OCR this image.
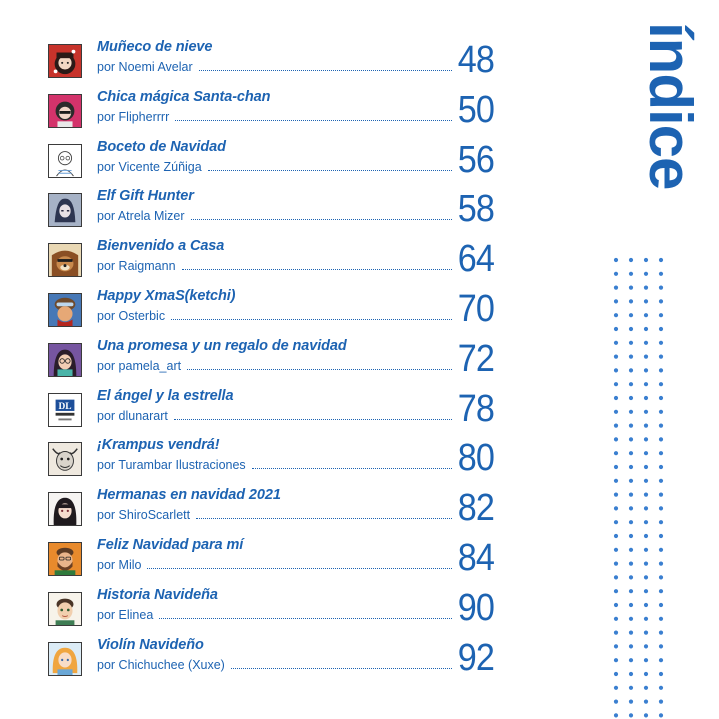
Muñeco de nieve
por Noemi Avelar	48
Chica mágica Santa-chan
por Flipherrrr	50
Boceto de Navidad
por Vicente Zúñiga	56
Elf Gift Hunter
por Atrela Mizer	58
Bienvenido a Casa
por Raigmann	64
Happy XmaS(ketchi)
por Osterbic	70
Una promesa y un regalo de navidad
por pamela_art	72
DL
El ángel y la estrella
por dlunarart	78
¡Krampus vendrá!
por Turambar Ilustraciones	80
Hermanas en navidad 2021
por ShiroScarlett	82
Feliz Navidad para mí
por Milo	84
Historia Navideña
por Elinea	90
Violín Navideño
por Chichuchee (Xuxe)	92
índice
